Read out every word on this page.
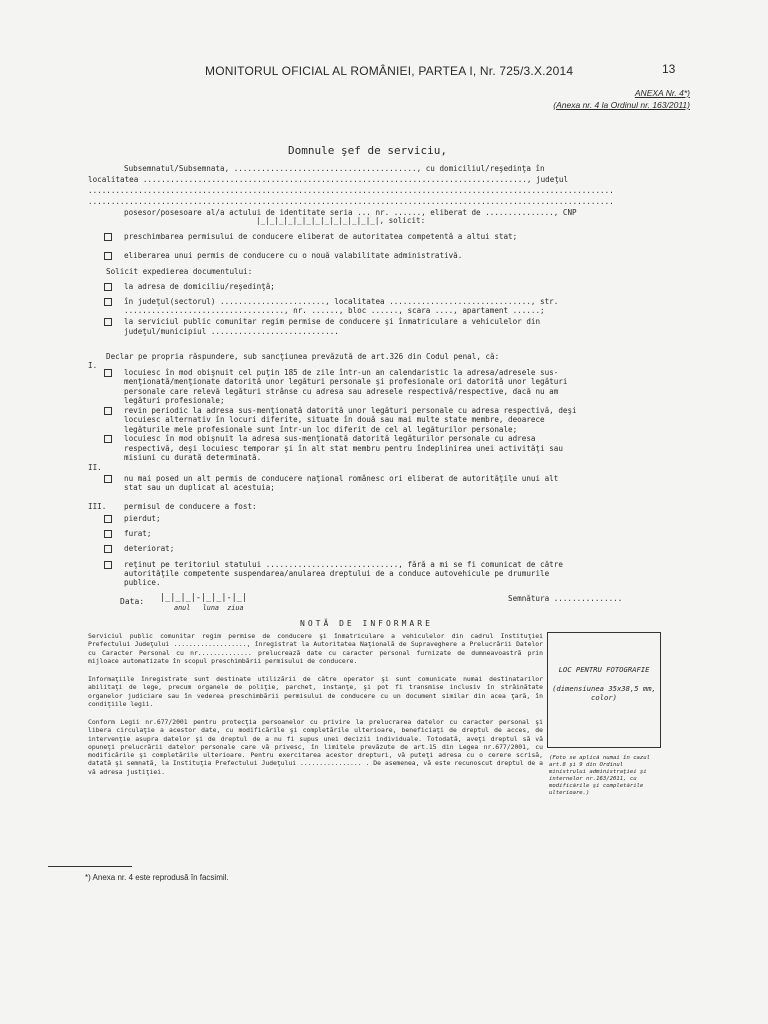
MONITORUL OFICIAL AL ROMÂNIEI, PARTEA I, Nr. 725/3.X.2014	13
ANEXA Nr. 4*)
(Anexa nr. 4 la Ordinul nr. 163/2011)
Domnule şef de serviciu,
Subsemnatul/Subsemnata, ........................................, cu domiciliul/reşedinţa în
localitatea ...................................................................................., judeţul
...................................................................................................................
...................................................................................................................
posesor/posesoare al/a actului de identitate seria ... nr. ......, eliberat de ..............., CNP
|_|_|_|_|_|_|_|_|_|_|_|_|_|, solicit:
preschimbarea permisului de conducere eliberat de autoritatea competentă a altui stat;
eliberarea unui permis de conducere cu o nouă valabilitate administrativă.
Solicit expedierea documentului:
la adresa de domiciliu/reşedinţă;
în judeţul(sectorul) ......................., localitatea ..............................., str.
..................................., nr. ......, bloc ......, scara ...., apartament ......;
la serviciul public comunitar regim permise de conducere şi înmatriculare a vehiculelor din
judeţul/municipiul ............................
Declar pe propria răspundere, sub sancţiunea prevăzută de art.326 din Codul penal, că:
I.
locuiesc în mod obişnuit cel puţin 185 de zile într-un an calendaristic la adresa/adresele sus-
menţionată/menţionate datorită unor legături personale şi profesionale ori datorită unor legături
personale care relevă legături strânse cu adresa sau adresele respectivă/respective, dacă nu am
legături profesionale;
revin periodic la adresa sus-menţionată datorită unor legături personale cu adresa respectivă, deşi
locuiesc alternativ în locuri diferite, situate în două sau mai multe state membre, deoarece
legăturile mele profesionale sunt într-un loc diferit de cel al legăturilor personale;
locuiesc în mod obişnuit la adresa sus-menţionată datorită legăturilor personale cu adresa
respectivă, deşi locuiesc temporar şi în alt stat membru pentru îndeplinirea unei activităţi sau
misiuni cu durată determinată.
II.
nu mai posed un alt permis de conducere naţional românesc ori eliberat de autorităţile unui alt
stat sau un duplicat al acestuia;
III. permisul de conducere a fost:
pierdut;
furat;
deteriorat;
reţinut pe teritoriul statului ............................., fără a mi se fi comunicat de către
autorităţile competente suspendarea/anularea dreptului de a conduce autovehicule pe drumurile
publice.
Data: |_|_|_|-|_|_|-|_|
anul   luna  ziua
Semnătura ...............
NOTĂ DE INFORMARE
Serviciul public comunitar regim permise de conducere şi înmatriculare a vehiculelor din cadrul Instituţiei Prefectului Judeţului ..................., înregistrat la Autoritatea Naţională de Supraveghere a Prelucrării Datelor cu Caracter Personal cu nr.............. prelucrează date cu caracter personal furnizate de dumneavoastră prin mijloace automatizate în scopul preschimbării permisului de conducere.
Informaţiile înregistrate sunt destinate utilizării de către operator şi sunt comunicate numai destinatarilor abilitaţi de lege, precum organele de poliţie, parchet, instanţe, şi pot fi transmise inclusiv în străinătate organelor judiciare sau în vederea preschimbării permisului de conducere cu un document similar din acea ţară, în condiţiile legii.
Conform Legii nr.677/2001 pentru protecţia persoanelor cu privire la prelucrarea datelor cu caracter personal şi libera circulaţie a acestor date, cu modificările şi completările ulterioare, beneficiaţi de dreptul de acces, de intervenţie asupra datelor şi de dreptul de a nu fi supus unei decizii individuale. Totodată, aveţi dreptul să vă opuneţi prelucrării datelor personale care vă privesc, în limitele prevăzute de art.15 din Legea nr.677/2001, cu modificările şi completările ulterioare. Pentru exercitarea acestor drepturi, vă puteţi adresa cu o cerere scrisă, datată şi semnată, la Instituţia Prefectului Judeţului ................ . De asemenea, vă este recunoscut dreptul de a vă adresa justiţiei.
LOC PENTRU FOTOGRAFIE
(dimensiunea 35x38,5 mm, color)
(Foto se aplică numai în cazul art.8 şi 9 din Ordinul ministrului administraţiei şi internelor nr.163/2011, cu modificările şi completările ulterioare.)
*) Anexa nr. 4 este reprodusă în facsimil.
